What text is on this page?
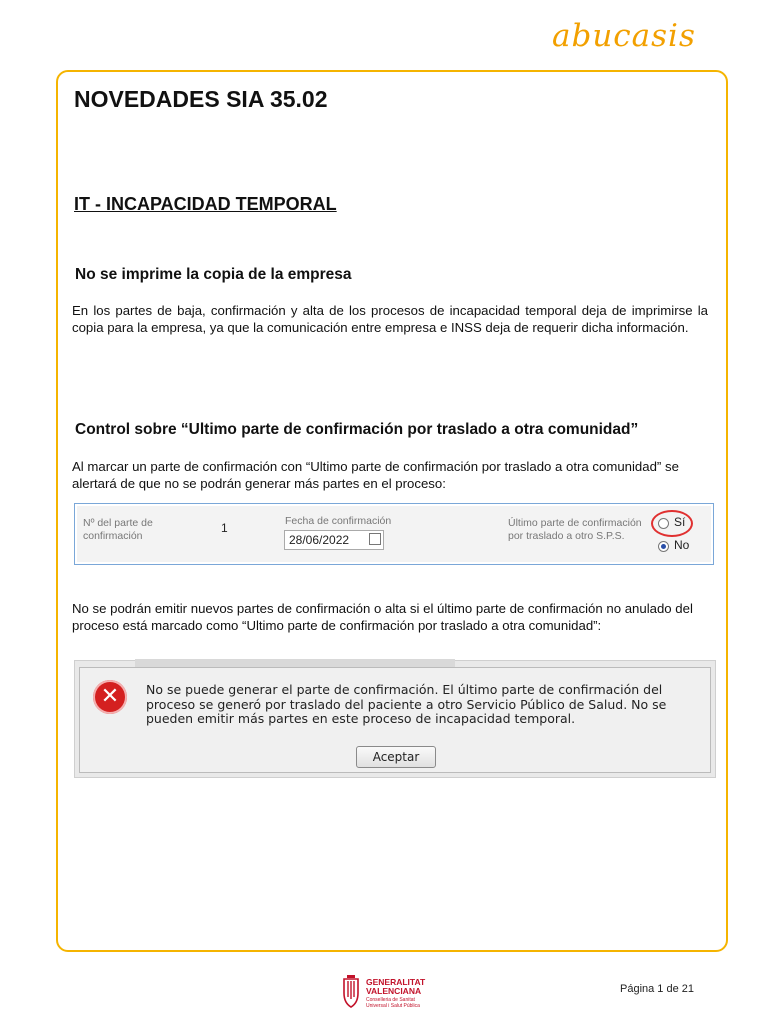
abucasis
NOVEDADES SIA 35.02
IT - INCAPACIDAD TEMPORAL
No se imprime la copia de la empresa

En los partes de baja, confirmación y alta de los procesos de incapacidad temporal deja de imprimirse la copia para la empresa, ya que la comunicación entre empresa e INSS deja de requerir dicha información.

Control sobre “Ultimo parte de confirmación por traslado a otra comunidad”

Al marcar un parte de confirmación con “Ultimo parte de confirmación por traslado a otra comunidad” se alertará de que no se podrán generar más partes en el proceso:

Nº del parte de confirmación
1	Fecha de confirmación
28/06/2022
Último parte de confirmación por traslado a otro S.P.S.
Sí
No

No se podrán emitir nuevos partes de confirmación o alta si el último parte de confirmación no anulado del proceso está marcado como “Ultimo parte de confirmación por traslado a otra comunidad”:

✕	No se puede generar el parte de confirmación. El último parte de confirmación del proceso se generó por traslado del paciente a otro Servicio Público de Salud. No se pueden emitir más partes en este proceso de incapacidad temporal.
Aceptar
GENERALITAT VALENCIANA
Conselleria de Sanitat Universal i Salut Pública
Página 1 de 21
